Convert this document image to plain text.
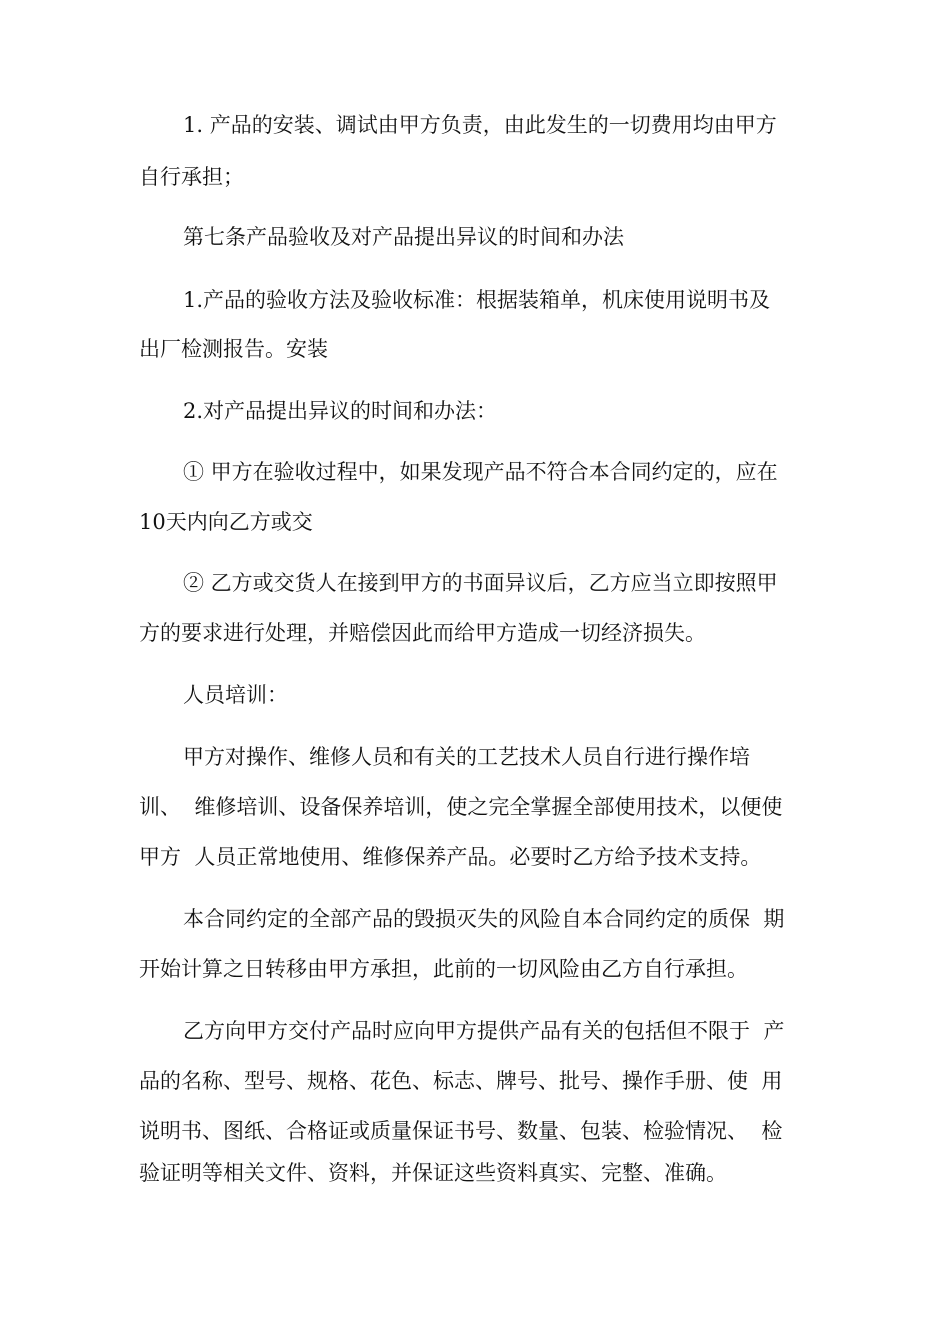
1. 产品的安装、调试由甲方负责，由此发生的一切费用均由甲方

自行承担；

第七条产品验收及对产品提出异议的时间和办法

1.产品的验收方法及验收标准：根据装箱单，机床使用说明书及

出厂检测报告。安装

2.对产品提出异议的时间和办法：

① 甲方在验收过程中，如果发现产品不符合本合同约定的，应在

10天内向乙方或交

② 乙方或交货人在接到甲方的书面异议后，乙方应当立即按照甲

方的要求进行处理，并赔偿因此而给甲方造成一切经济损失。

人员培训：

甲方对操作、维修人员和有关的工艺技术人员自行进行操作培

训、  维修培训、设备保养培训，使之完全掌握全部使用技术，以便使

甲方  人员正常地使用、维修保养产品。必要时乙方给予技术支持。

本合同约定的全部产品的毁损灭失的风险自本合同约定的质保  期

开始计算之日转移由甲方承担，此前的一切风险由乙方自行承担。

乙方向甲方交付产品时应向甲方提供产品有关的包括但不限于  产

品的名称、型号、规格、花色、标志、牌号、批号、操作手册、使  用

说明书、图纸、合格证或质量保证书号、数量、包装、检验情况、  检

验证明等相关文件、资料，并保证这些资料真实、完整、准确。
